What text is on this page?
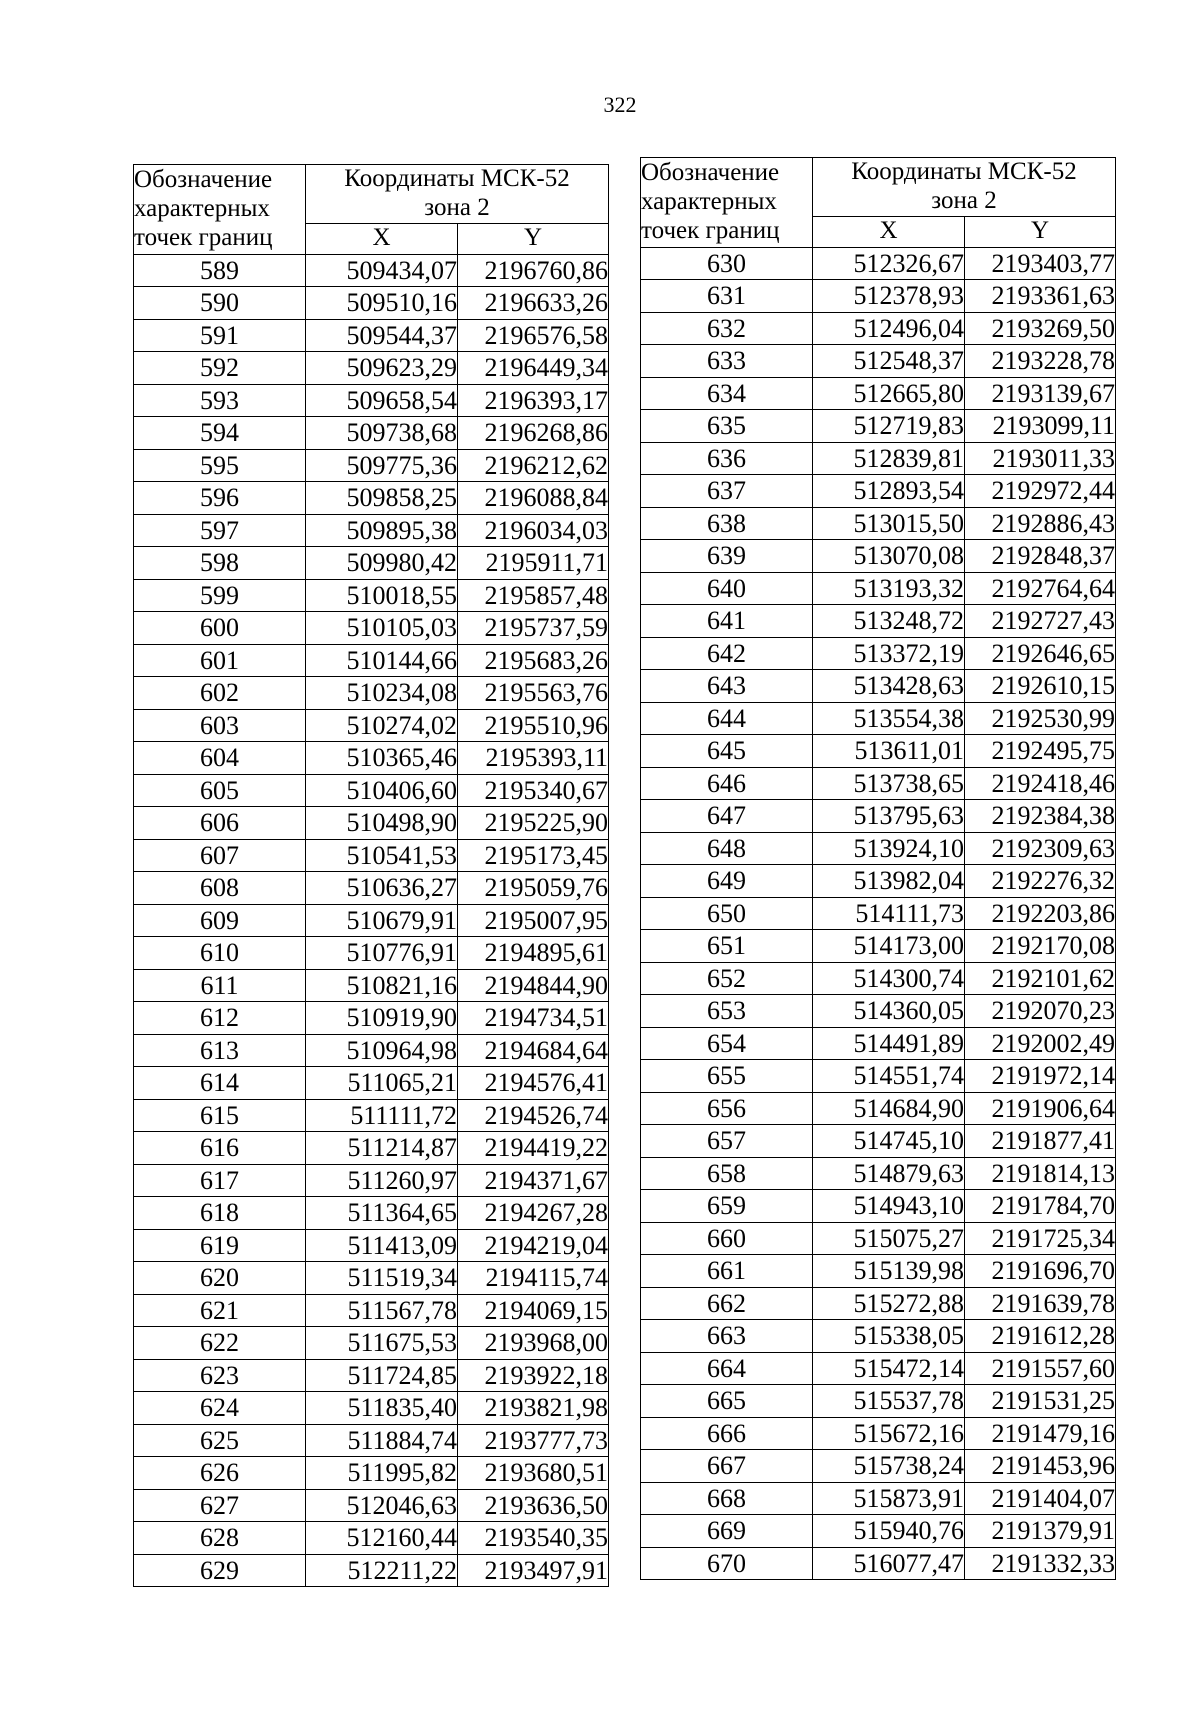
322
Обозначение характерных точек границ	Координаты МСК-52
зона 2	
	X	Y
589	509434,07	2196760,86
590	509510,16	2196633,26
591	509544,37	2196576,58
592	509623,29	2196449,34
593	509658,54	2196393,17
594	509738,68	2196268,86
595	509775,36	2196212,62
596	509858,25	2196088,84
597	509895,38	2196034,03
598	509980,42	2195911,71
599	510018,55	2195857,48
600	510105,03	2195737,59
601	510144,66	2195683,26
602	510234,08	2195563,76
603	510274,02	2195510,96
604	510365,46	2195393,11
605	510406,60	2195340,67
606	510498,90	2195225,90
607	510541,53	2195173,45
608	510636,27	2195059,76
609	510679,91	2195007,95
610	510776,91	2194895,61
611	510821,16	2194844,90
612	510919,90	2194734,51
613	510964,98	2194684,64
614	511065,21	2194576,41
615	511111,72	2194526,74
616	511214,87	2194419,22
617	511260,97	2194371,67
618	511364,65	2194267,28
619	511413,09	2194219,04
620	511519,34	2194115,74
621	511567,78	2194069,15
622	511675,53	2193968,00
623	511724,85	2193922,18
624	511835,40	2193821,98
625	511884,74	2193777,73
626	511995,82	2193680,51
627	512046,63	2193636,50
628	512160,44	2193540,35
629	512211,22	2193497,91
Обозначение характерных точек границ	Координаты МСК-52
зона 2	
	X	Y
630	512326,67	2193403,77
631	512378,93	2193361,63
632	512496,04	2193269,50
633	512548,37	2193228,78
634	512665,80	2193139,67
635	512719,83	2193099,11
636	512839,81	2193011,33
637	512893,54	2192972,44
638	513015,50	2192886,43
639	513070,08	2192848,37
640	513193,32	2192764,64
641	513248,72	2192727,43
642	513372,19	2192646,65
643	513428,63	2192610,15
644	513554,38	2192530,99
645	513611,01	2192495,75
646	513738,65	2192418,46
647	513795,63	2192384,38
648	513924,10	2192309,63
649	513982,04	2192276,32
650	514111,73	2192203,86
651	514173,00	2192170,08
652	514300,74	2192101,62
653	514360,05	2192070,23
654	514491,89	2192002,49
655	514551,74	2191972,14
656	514684,90	2191906,64
657	514745,10	2191877,41
658	514879,63	2191814,13
659	514943,10	2191784,70
660	515075,27	2191725,34
661	515139,98	2191696,70
662	515272,88	2191639,78
663	515338,05	2191612,28
664	515472,14	2191557,60
665	515537,78	2191531,25
666	515672,16	2191479,16
667	515738,24	2191453,96
668	515873,91	2191404,07
669	515940,76	2191379,91
670	516077,47	2191332,33
